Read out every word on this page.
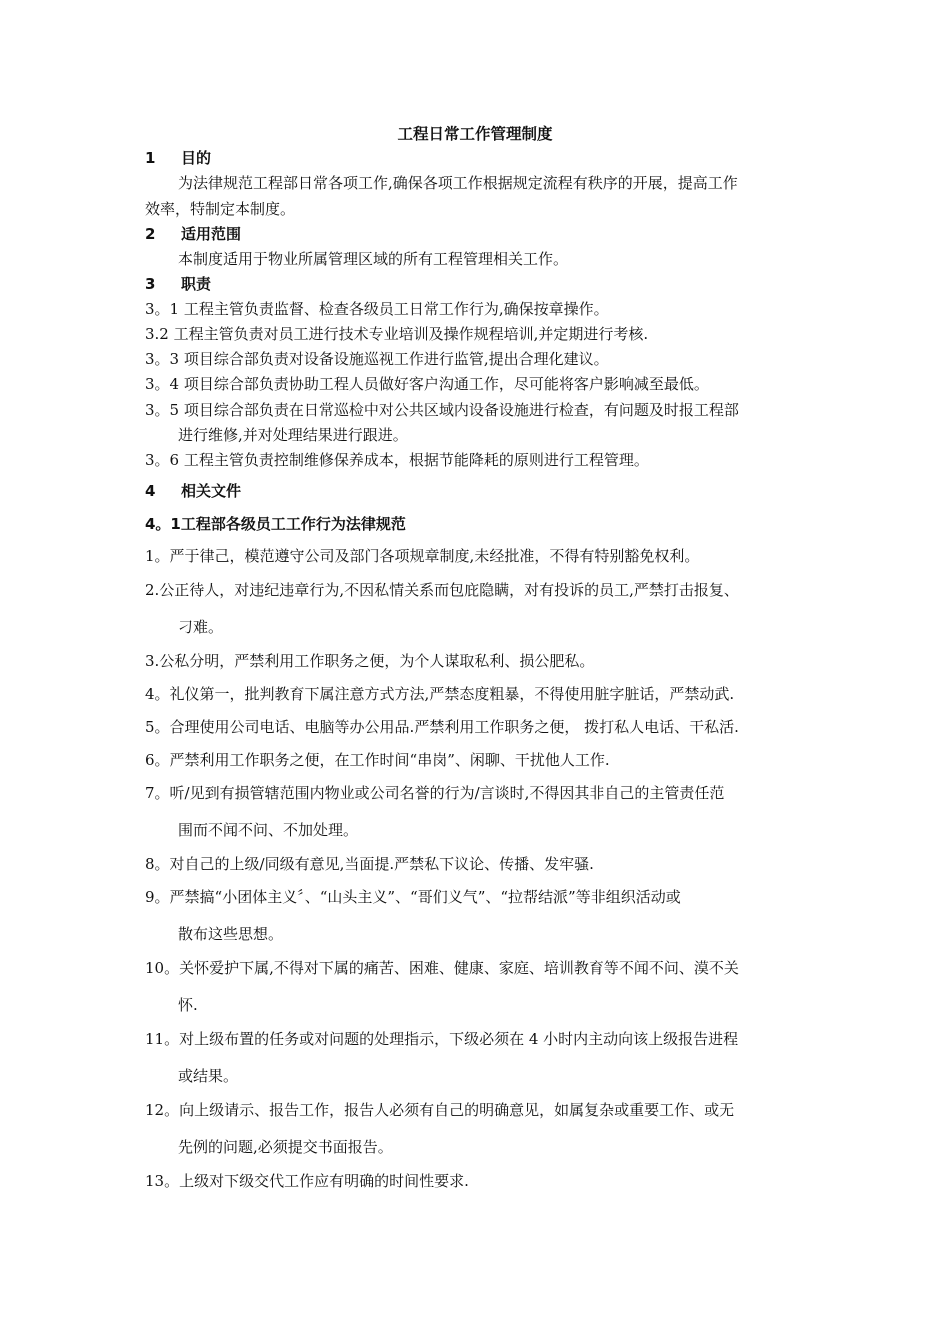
工程日常工作管理制度
1 目的
为法律规范工程部日常各项工作,确保各项工作根据规定流程有秩序的开展，提高工作
效率，特制定本制度。
2 适用范围
本制度适用于物业所属管理区域的所有工程管理相关工作。
3 职责
3。1 工程主管负责监督、检查各级员工日常工作行为,确保按章操作。
3.2 工程主管负责对员工进行技术专业培训及操作规程培训,并定期进行考核.
3。3 项目综合部负责对设备设施巡视工作进行监管,提出合理化建议。
3。4 项目综合部负责协助工程人员做好客户沟通工作，尽可能将客户影响减至最低。
3。5 项目综合部负责在日常巡检中对公共区域内设备设施进行检查，有问题及时报工程部
进行维修,并对处理结果进行跟进。
3。6 工程主管负责控制维修保养成本，根据节能降耗的原则进行工程管理。
4 相关文件
4。1工程部各级员工工作行为法律规范
1。严于律己，模范遵守公司及部门各项规章制度,未经批准，不得有特别豁免权利。
2.公正待人，对违纪违章行为,不因私情关系而包庇隐瞒，对有投诉的员工,严禁打击报复、
刁难。
3.公私分明，严禁利用工作职务之便，为个人谋取私利、损公肥私。
4。礼仪第一，批判教育下属注意方式方法,严禁态度粗暴，不得使用脏字脏话，严禁动武.
5。合理使用公司电话、电脑等办公用品.严禁利用工作职务之便， 拨打私人电话、干私活.
6。严禁利用工作职务之便，在工作时间“串岗”、闲聊、干扰他人工作.
7。听/见到有损管辖范围内物业或公司名誉的行为/言谈时,不得因其非自己的主管责任范
围而不闻不问、不加处理。
8。对自己的上级/同级有意见,当面提.严禁私下议论、传播、发牢骚.
9。严禁搞“小团体主义〞、“山头主义”、“哥们义气”、“拉帮结派”等非组织活动或
散布这些思想。
10。关怀爱护下属,不得对下属的痛苦、困难、健康、家庭、培训教育等不闻不问、漠不关
怀.
11。对上级布置的任务或对问题的处理指示，下级必须在 4 小时内主动向该上级报告进程
或结果。
12。向上级请示、报告工作，报告人必须有自己的明确意见，如属复杂或重要工作、或无
先例的问题,必须提交书面报告。
13。上级对下级交代工作应有明确的时间性要求.
